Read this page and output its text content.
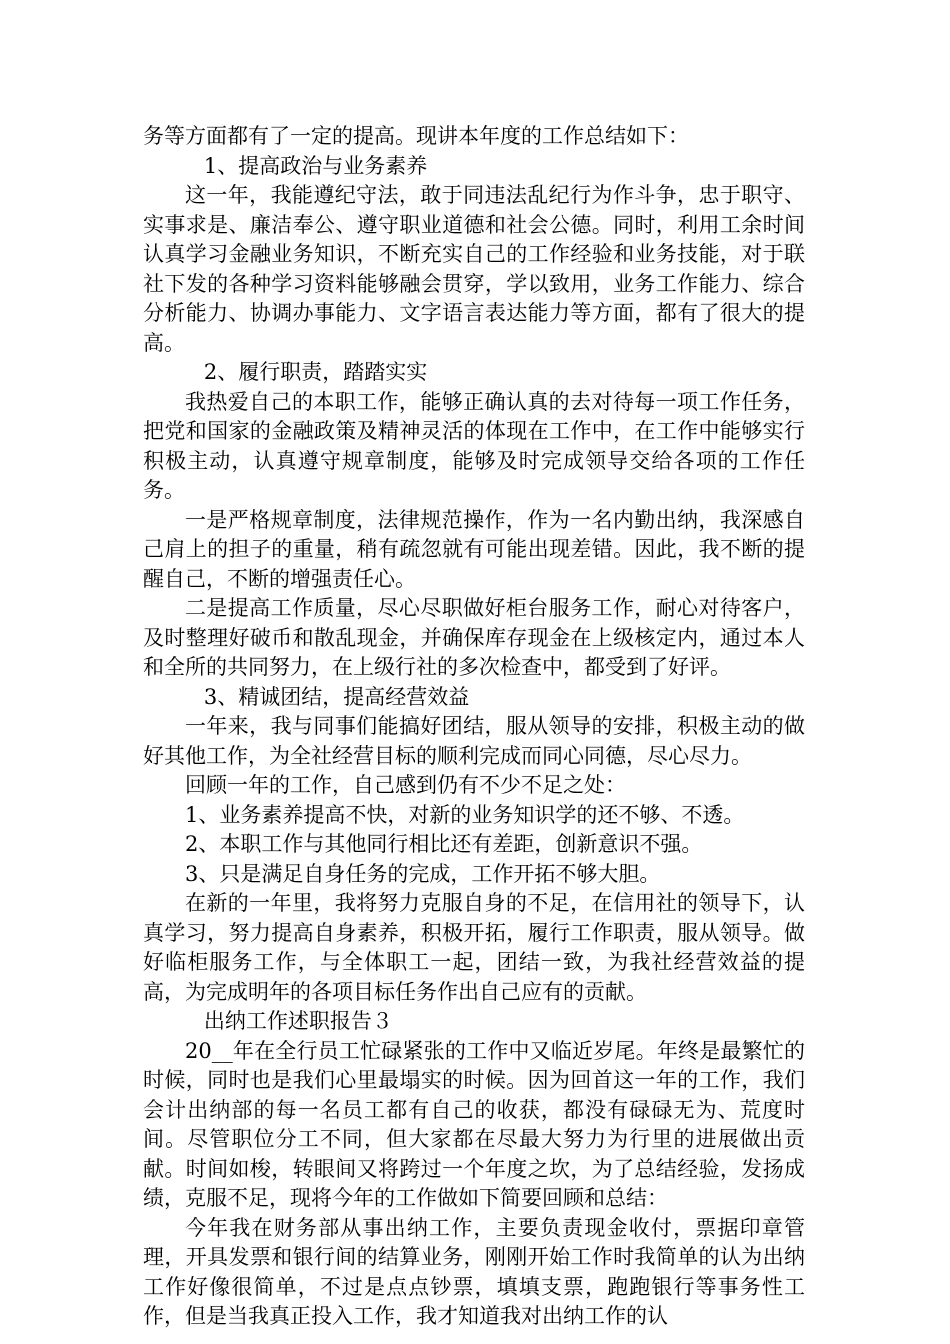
务等方面都有了一定的提高。现讲本年度的工作总结如下：

1、提高政治与业务素养

这一年，我能遵纪守法，敢于同违法乱纪行为作斗争，忠于职守、实事求是、廉洁奉公、遵守职业道德和社会公德。同时，利用工余时间认真学习金融业务知识，不断充实自己的工作经验和业务技能，对于联社下发的各种学习资料能够融会贯穿，学以致用，业务工作能力、综合分析能力、协调办事能力、文字语言表达能力等方面，都有了很大的提高。

2、履行职责，踏踏实实

我热爱自己的本职工作，能够正确认真的去对待每一项工作任务，把党和国家的金融政策及精神灵活的体现在工作中，在工作中能够实行积极主动，认真遵守规章制度，能够及时完成领导交给各项的工作任务。

一是严格规章制度，法律规范操作，作为一名内勤出纳，我深感自己肩上的担子的重量，稍有疏忽就有可能出现差错。因此，我不断的提醒自己，不断的增强责任心。

二是提高工作质量，尽心尽职做好柜台服务工作，耐心对待客户，及时整理好破币和散乱现金，并确保库存现金在上级核定内，通过本人和全所的共同努力，在上级行社的多次检查中，都受到了好评。

3、精诚团结，提高经营效益

一年来，我与同事们能搞好团结，服从领导的安排，积极主动的做好其他工作，为全社经营目标的顺利完成而同心同德，尽心尽力。

回顾一年的工作，自己感到仍有不少不足之处：

1、业务素养提高不快，对新的业务知识学的还不够、不透。

2、本职工作与其他同行相比还有差距，创新意识不强。

3、只是满足自身任务的完成，工作开拓不够大胆。

在新的一年里，我将努力克服自身的不足，在信用社的领导下，认真学习，努力提高自身素养，积极开拓，履行工作职责，服从领导。做好临柜服务工作，与全体职工一起，团结一致，为我社经营效益的提高，为完成明年的各项目标任务作出自己应有的贡献。

出纳工作述职报告３

20__年在全行员工忙碌紧张的工作中又临近岁尾。年终是最繁忙的时候，同时也是我们心里最塌实的时候。因为回首这一年的工作，我们会计出纳部的每一名员工都有自己的收获，都没有碌碌无为、荒度时间。尽管职位分工不同，但大家都在尽最大努力为行里的进展做出贡献。时间如梭，转眼间又将跨过一个年度之坎，为了总结经验，发扬成绩，克服不足，现将今年的工作做如下简要回顾和总结：

今年我在财务部从事出纳工作，主要负责现金收付，票据印章管理，开具发票和银行间的结算业务，刚刚开始工作时我简单的认为出纳工作好像很简单，不过是点点钞票，填填支票，跑跑银行等事务性工作，但是当我真正投入工作，我才知道我对出纳工作的认
